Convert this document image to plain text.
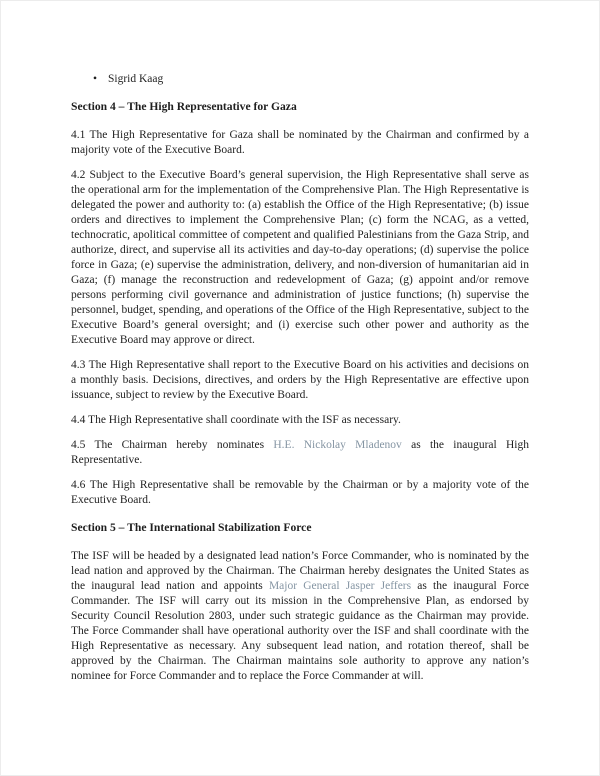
• Sigrid Kaag
Section 4 – The High Representative for Gaza

4.1 The High Representative for Gaza shall be nominated by the Chairman and confirmed by a majority vote of the Executive Board.

4.2 Subject to the Executive Board’s general supervision, the High Representative shall serve as the operational arm for the implementation of the Comprehensive Plan. The High Representative is delegated the power and authority to: (a) establish the Office of the High Representative; (b) issue orders and directives to implement the Comprehensive Plan; (c) form the NCAG, as a vetted, technocratic, apolitical committee of competent and qualified Palestinians from the Gaza Strip, and authorize, direct, and supervise all its activities and day-to-day operations; (d) supervise the police force in Gaza; (e) supervise the administration, delivery, and non-diversion of humanitarian aid in Gaza; (f) manage the reconstruction and redevelopment of Gaza; (g) appoint and/or remove persons performing civil governance and administration of justice functions; (h) supervise the personnel, budget, spending, and operations of the Office of the High Representative, subject to the Executive Board’s general oversight; and (i) exercise such other power and authority as the Executive Board may approve or direct.

4.3 The High Representative shall report to the Executive Board on his activities and decisions on a monthly basis. Decisions, directives, and orders by the High Representative are effective upon issuance, subject to review by the Executive Board.

4.4 The High Representative shall coordinate with the ISF as necessary.

4.5 The Chairman hereby nominates H.E. Nickolay Mladenov as the inaugural High Representative.

4.6 The High Representative shall be removable by the Chairman or by a majority vote of the Executive Board.

Section 5 – The International Stabilization Force

The ISF will be headed by a designated lead nation’s Force Commander, who is nominated by the lead nation and approved by the Chairman. The Chairman hereby designates the United States as the inaugural lead nation and appoints Major General Jasper Jeffers as the inaugural Force Commander. The ISF will carry out its mission in the Comprehensive Plan, as endorsed by Security Council Resolution 2803, under such strategic guidance as the Chairman may provide. The Force Commander shall have operational authority over the ISF and shall coordinate with the High Representative as necessary. Any subsequent lead nation, and rotation thereof, shall be approved by the Chairman. The Chairman maintains sole authority to approve any nation’s nominee for Force Commander and to replace the Force Commander at will.
